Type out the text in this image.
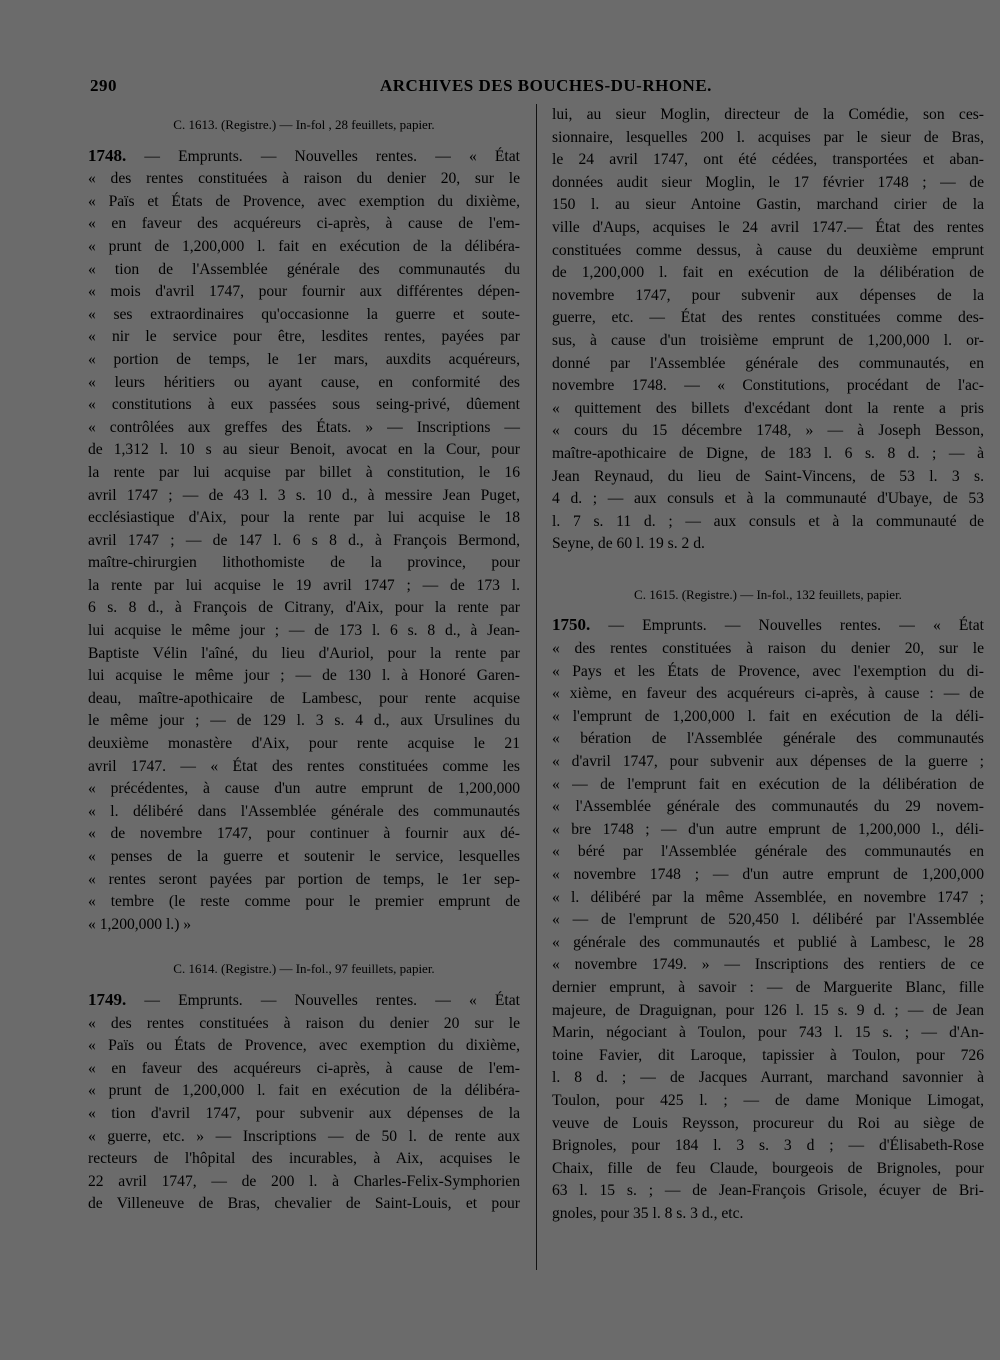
290	ARCHIVES DES BOUCHES-DU-RHONE.
C. 1613. (Registre.) — In-fol , 28 feuillets, papier.
1748. — Emprunts. — Nouvelles rentes. — « État
« des rentes constituées à raison du denier 20, sur le
« Païs et États de Provence, avec exemption du dixième,
« en faveur des acquéreurs ci-après, à cause de l'em-
« prunt de 1,200,000 l. fait en exécution de la délibéra-
« tion de l'Assemblée générale des communautés du
« mois d'avril 1747, pour fournir aux différentes dépen-
« ses extraordinaires qu'occasionne la guerre et soute-
« nir le service pour être, lesdites rentes, payées par
« portion de temps, le 1er mars, auxdits acquéreurs,
« leurs héritiers ou ayant cause, en conformité des
« constitutions à eux passées sous seing-privé, dûement
« contrôlées aux greffes des États. » — Inscriptions —
de 1,312 l. 10 s au sieur Benoit, avocat en la Cour, pour
la rente par lui acquise par billet à constitution, le 16
avril 1747 ; — de 43 l. 3 s. 10 d., à messire Jean Puget,
ecclésiastique d'Aix, pour la rente par lui acquise le 18
avril 1747 ; — de 147 l. 6 s 8 d., à François Bermond,
maître-chirurgien lithothomiste de la province, pour
la rente par lui acquise le 19 avril 1747 ; — de 173 l.
6 s. 8 d., à François de Citrany, d'Aix, pour la rente par
lui acquise le même jour ; — de 173 l. 6 s. 8 d., à Jean-
Baptiste Vélin l'aîné, du lieu d'Auriol, pour la rente par
lui acquise le même jour ; — de 130 l. à Honoré Garen-
deau, maître-apothicaire de Lambesc, pour rente acquise
le même jour ; — de 129 l. 3 s. 4 d., aux Ursulines du
deuxième monastère d'Aix, pour rente acquise le 21
avril 1747. — « État des rentes constituées comme les
« précédentes, à cause d'un autre emprunt de 1,200,000
« l. délibéré dans l'Assemblée générale des communautés
« de novembre 1747, pour continuer à fournir aux dé-
« penses de la guerre et soutenir le service, lesquelles
« rentes seront payées par portion de temps, le 1er sep-
« tembre (le reste comme pour le premier emprunt de
« 1,200,000 l.) »
C. 1614. (Registre.) — In-fol., 97 feuillets, papier.
1749. — Emprunts. — Nouvelles rentes. — « État
« des rentes constituées à raison du denier 20 sur le
« Païs ou États de Provence, avec exemption du dixième,
« en faveur des acquéreurs ci-après, à cause de l'em-
« prunt de 1,200,000 l. fait en exécution de la délibéra-
« tion d'avril 1747, pour subvenir aux dépenses de la
« guerre, etc. » — Inscriptions — de 50 l. de rente aux
recteurs de l'hôpital des incurables, à Aix, acquises le
22 avril 1747, — de 200 l. à Charles-Felix-Symphorien
de Villeneuve de Bras, chevalier de Saint-Louis, et pour
lui, au sieur Moglin, directeur de la Comédie, son ces-
sionnaire, lesquelles 200 l. acquises par le sieur de Bras,
le 24 avril 1747, ont été cédées, transportées et aban-
données audit sieur Moglin, le 17 février 1748 ; — de
150 l. au sieur Antoine Gastin, marchand cirier de la
ville d'Aups, acquises le 24 avril 1747.— État des rentes
constituées comme dessus, à cause du deuxième emprunt
de 1,200,000 l. fait en exécution de la délibération de
novembre 1747, pour subvenir aux dépenses de la
guerre, etc. — État des rentes constituées comme des-
sus, à cause d'un troisième emprunt de 1,200,000 l. or-
donné par l'Assemblée générale des communautés, en
novembre 1748. — « Constitutions, procédant de l'ac-
« quittement des billets d'excédant dont la rente a pris
« cours du 15 décembre 1748, » — à Joseph Besson,
maître-apothicaire de Digne, de 183 l. 6 s. 8 d. ; — à
Jean Reynaud, du lieu de Saint-Vincens, de 53 l. 3 s.
4 d. ; — aux consuls et à la communauté d'Ubaye, de 53
l. 7 s. 11 d. ; — aux consuls et à la communauté de
Seyne, de 60 l. 19 s. 2 d.
C. 1615. (Registre.) — In-fol., 132 feuillets, papier.
1750. — Emprunts. — Nouvelles rentes. — « État
« des rentes constituées à raison du denier 20, sur le
« Pays et les États de Provence, avec l'exemption du di-
« xième, en faveur des acquéreurs ci-après, à cause : — de
« l'emprunt de 1,200,000 l. fait en exécution de la déli-
« bération de l'Assemblée générale des communautés
« d'avril 1747, pour subvenir aux dépenses de la guerre ;
« — de l'emprunt fait en exécution de la délibération de
« l'Assemblée générale des communautés du 29 novem-
« bre 1748 ; — d'un autre emprunt de 1,200,000 l., déli-
« béré par l'Assemblée générale des communautés en
« novembre 1748 ; — d'un autre emprunt de 1,200,000
« l. délibéré par la même Assemblée, en novembre 1747 ;
« — de l'emprunt de 520,450 l. délibéré par l'Assemblée
« générale des communautés et publié à Lambesc, le 28
« novembre 1749. » — Inscriptions des rentiers de ce
dernier emprunt, à savoir : — de Marguerite Blanc, fille
majeure, de Draguignan, pour 126 l. 15 s. 9 d. ; — de Jean
Marin, négociant à Toulon, pour 743 l. 15 s. ; — d'An-
toine Favier, dit Laroque, tapissier à Toulon, pour 726
l. 8 d. ; — de Jacques Aurrant, marchand savonnier à
Toulon, pour 425 l. ; — de dame Monique Limogat,
veuve de Louis Reysson, procureur du Roi au siège de
Brignoles, pour 184 l. 3 s. 3 d ; — d'Élisabeth-Rose
Chaix, fille de feu Claude, bourgeois de Brignoles, pour
63 l. 15 s. ; — de Jean-François Grisole, écuyer de Bri-
gnoles, pour 35 l. 8 s. 3 d., etc.
